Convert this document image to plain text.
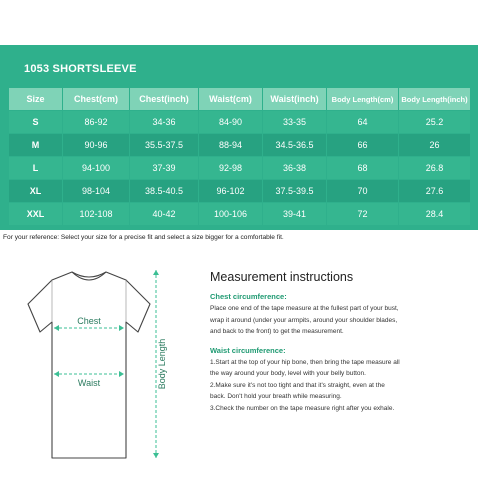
1053 SHORTSLEEVE
Size	Chest(cm)	Chest(inch)	Waist(cm)	Waist(inch)	Body Length(cm)	Body Length(inch)
S	86-92	34-36	84-90	33-35	64	25.2
M	90-96	35.5-37.5	88-94	34.5-36.5	66	26
L	94-100	37-39	92-98	36-38	68	26.8
XL	98-104	38.5-40.5	96-102	37.5-39.5	70	27.6
XXL	102-108	40-42	100-106	39-41	72	28.4
For your reference: Select your size for a precise fit and select a size bigger for a comfortable fit.
Chest
Waist	Body Length
Measurement instructions
Chest circumference:

Place one end of the tape measure at the fullest part of your bust,

wrap it around (under your armpits, around your shoulder blades,

and back to the front) to get the measurement.

Waist circumference:

1.Start at the top of your hip bone, then bring the tape measure all

the way around your body, level with your belly button.

2.Make sure it's not too tight and that it's straight, even at the

back. Don't hold your breath while measuring.

3.Check the number on the tape measure right after you exhale.
